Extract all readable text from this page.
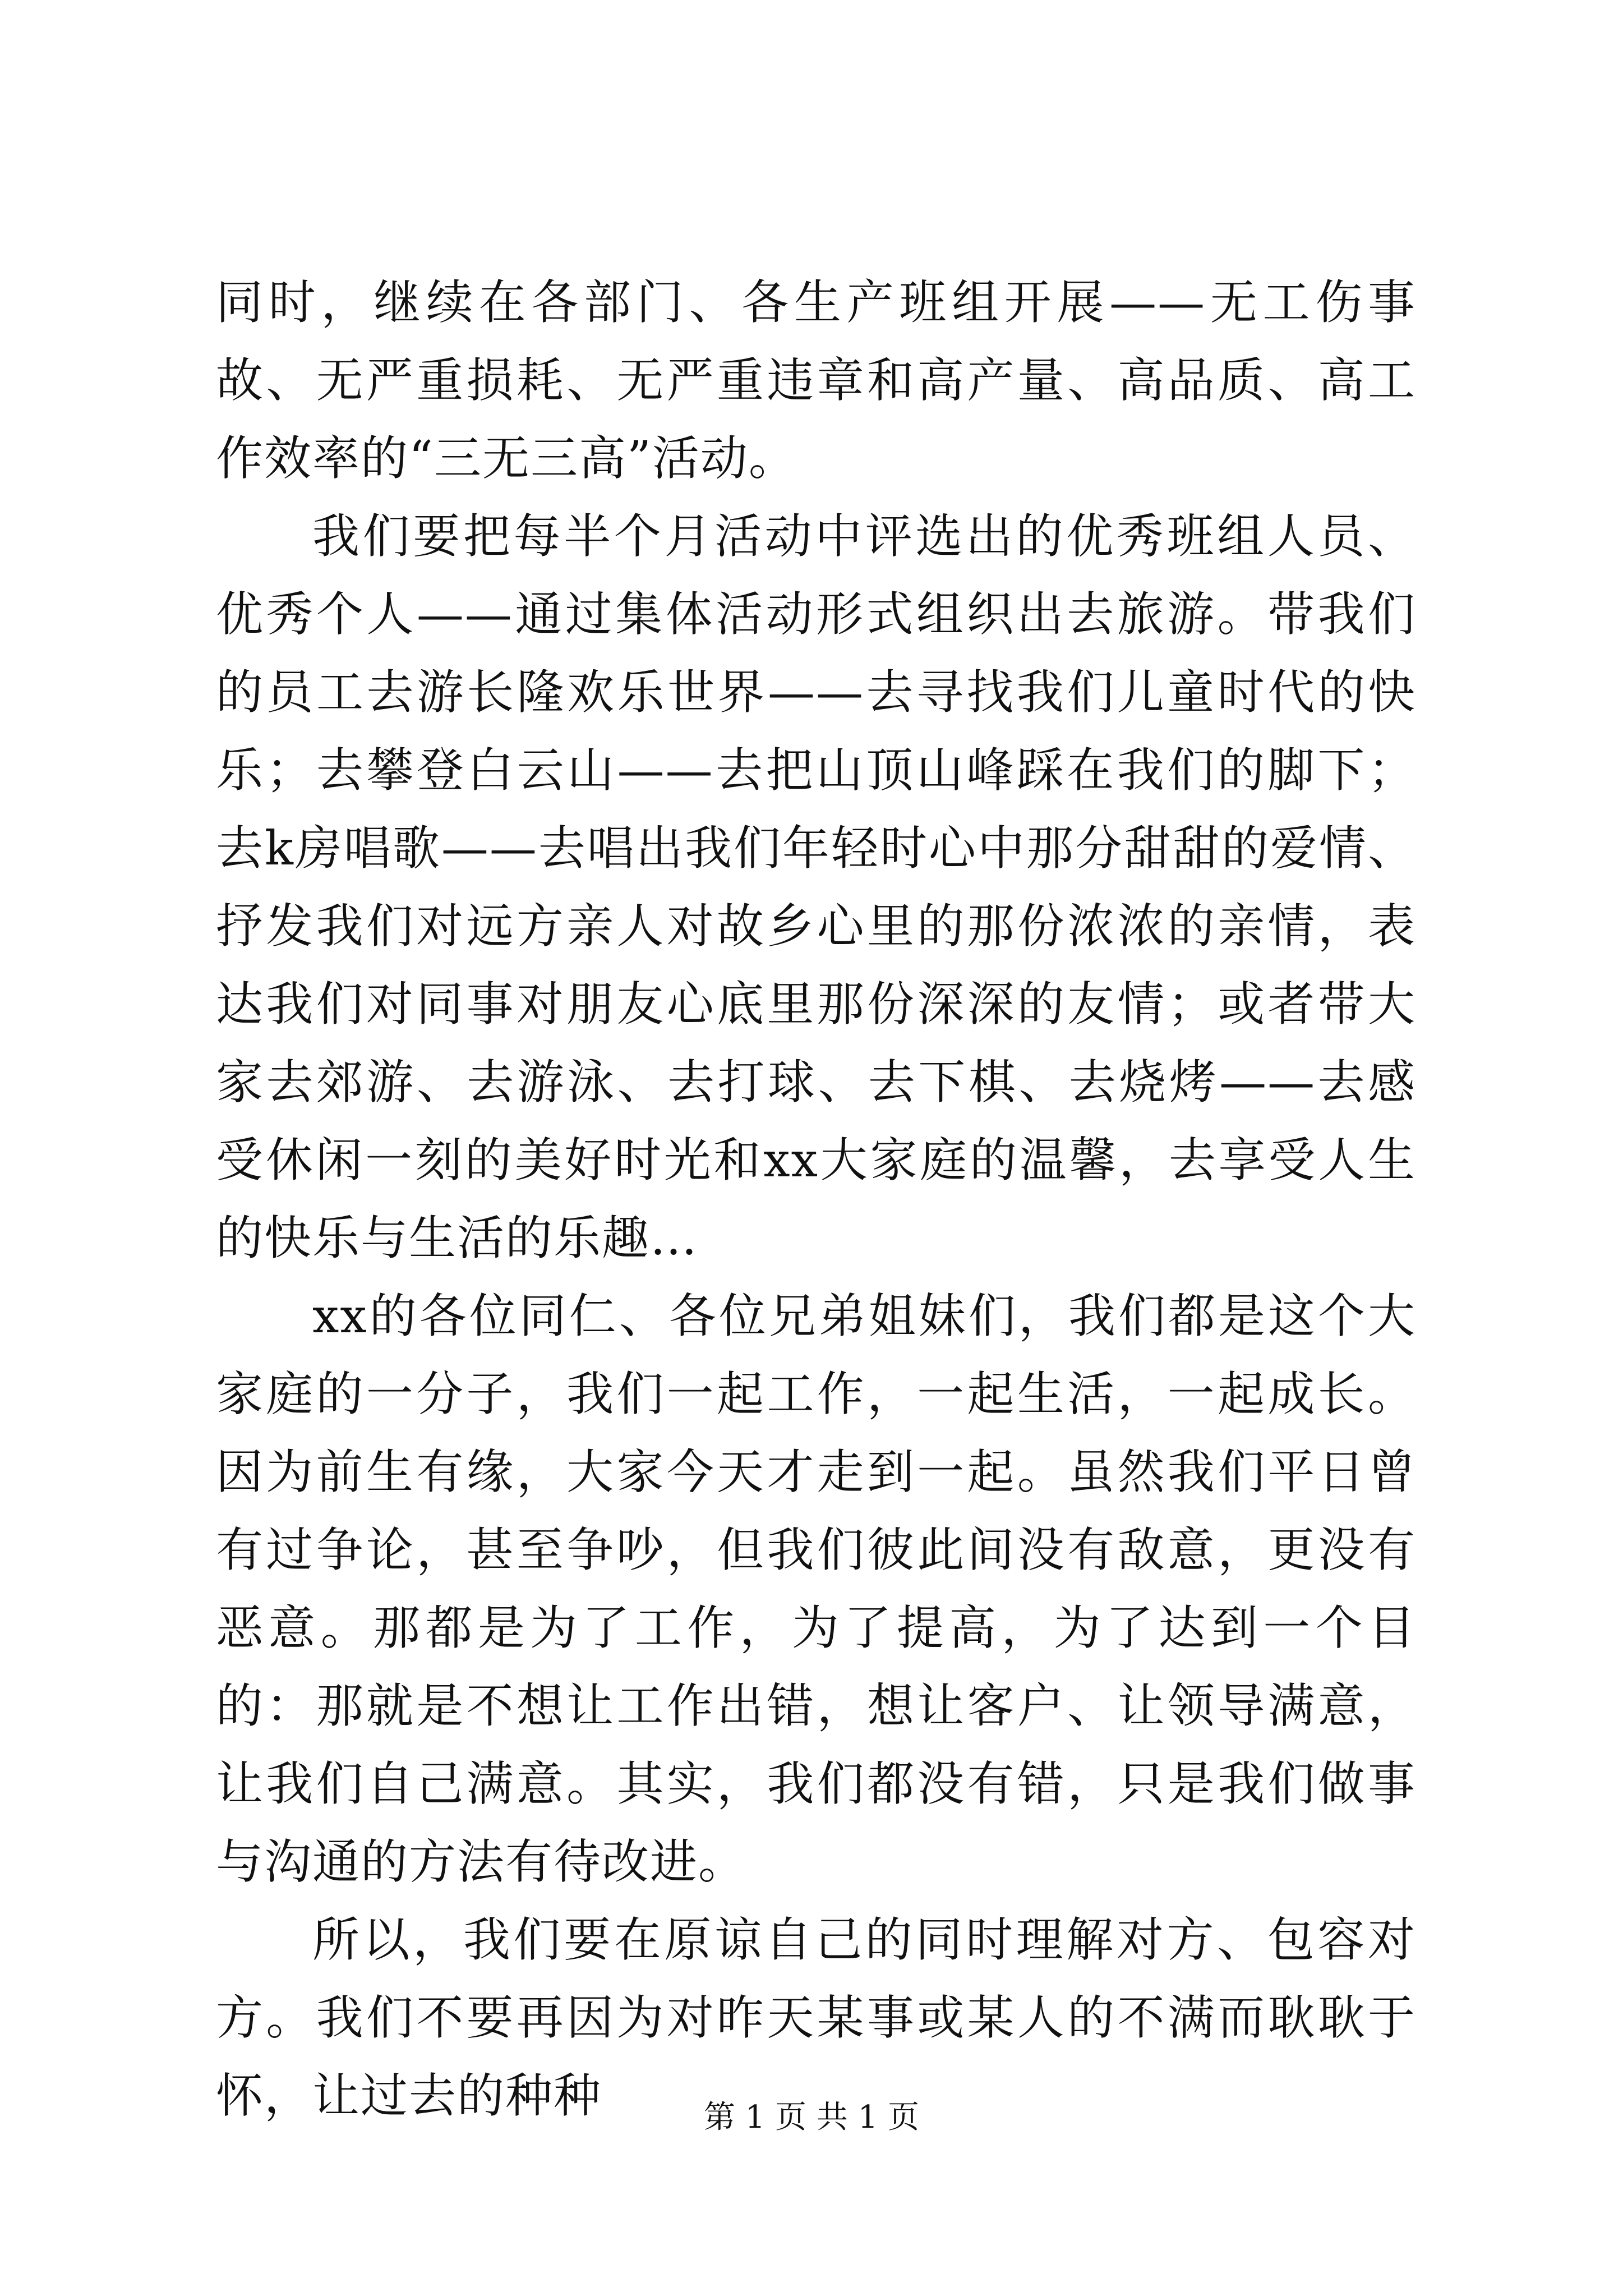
同时，继续在各部门、各生产班组开展——无工伤事故、无严重损耗、无严重违章和高产量、高品质、高工作效率的“三无三高”活动。

我们要把每半个月活动中评选出的优秀班组人员、优秀个人——通过集体活动形式组织出去旅游。带我们的员工去游长隆欢乐世界——去寻找我们儿童时代的快乐；去攀登白云山——去把山顶山峰踩在我们的脚下；去k房唱歌——去唱出我们年轻时心中那分甜甜的爱情、抒发我们对远方亲人对故乡心里的那份浓浓的亲情，表达我们对同事对朋友心底里那份深深的友情；或者带大家去郊游、去游泳、去打球、去下棋、去烧烤——去感受休闲一刻的美好时光和xx大家庭的温馨，去享受人生的快乐与生活的乐趣…

xx的各位同仁、各位兄弟姐妹们，我们都是这个大家庭的一分子，我们一起工作，一起生活，一起成长。因为前生有缘，大家今天才走到一起。虽然我们平日曾有过争论，甚至争吵，但我们彼此间没有敌意，更没有恶意。那都是为了工作，为了提高，为了达到一个目的：那就是不想让工作出错，想让客户、让领导满意，让我们自己满意。其实，我们都没有错，只是我们做事与沟通的方法有待改进。

所以，我们要在原谅自己的同时理解对方、包容对方。我们不要再因为对昨天某事或某人的不满而耿耿于怀，让过去的种种	第 1 页 共 1 页
